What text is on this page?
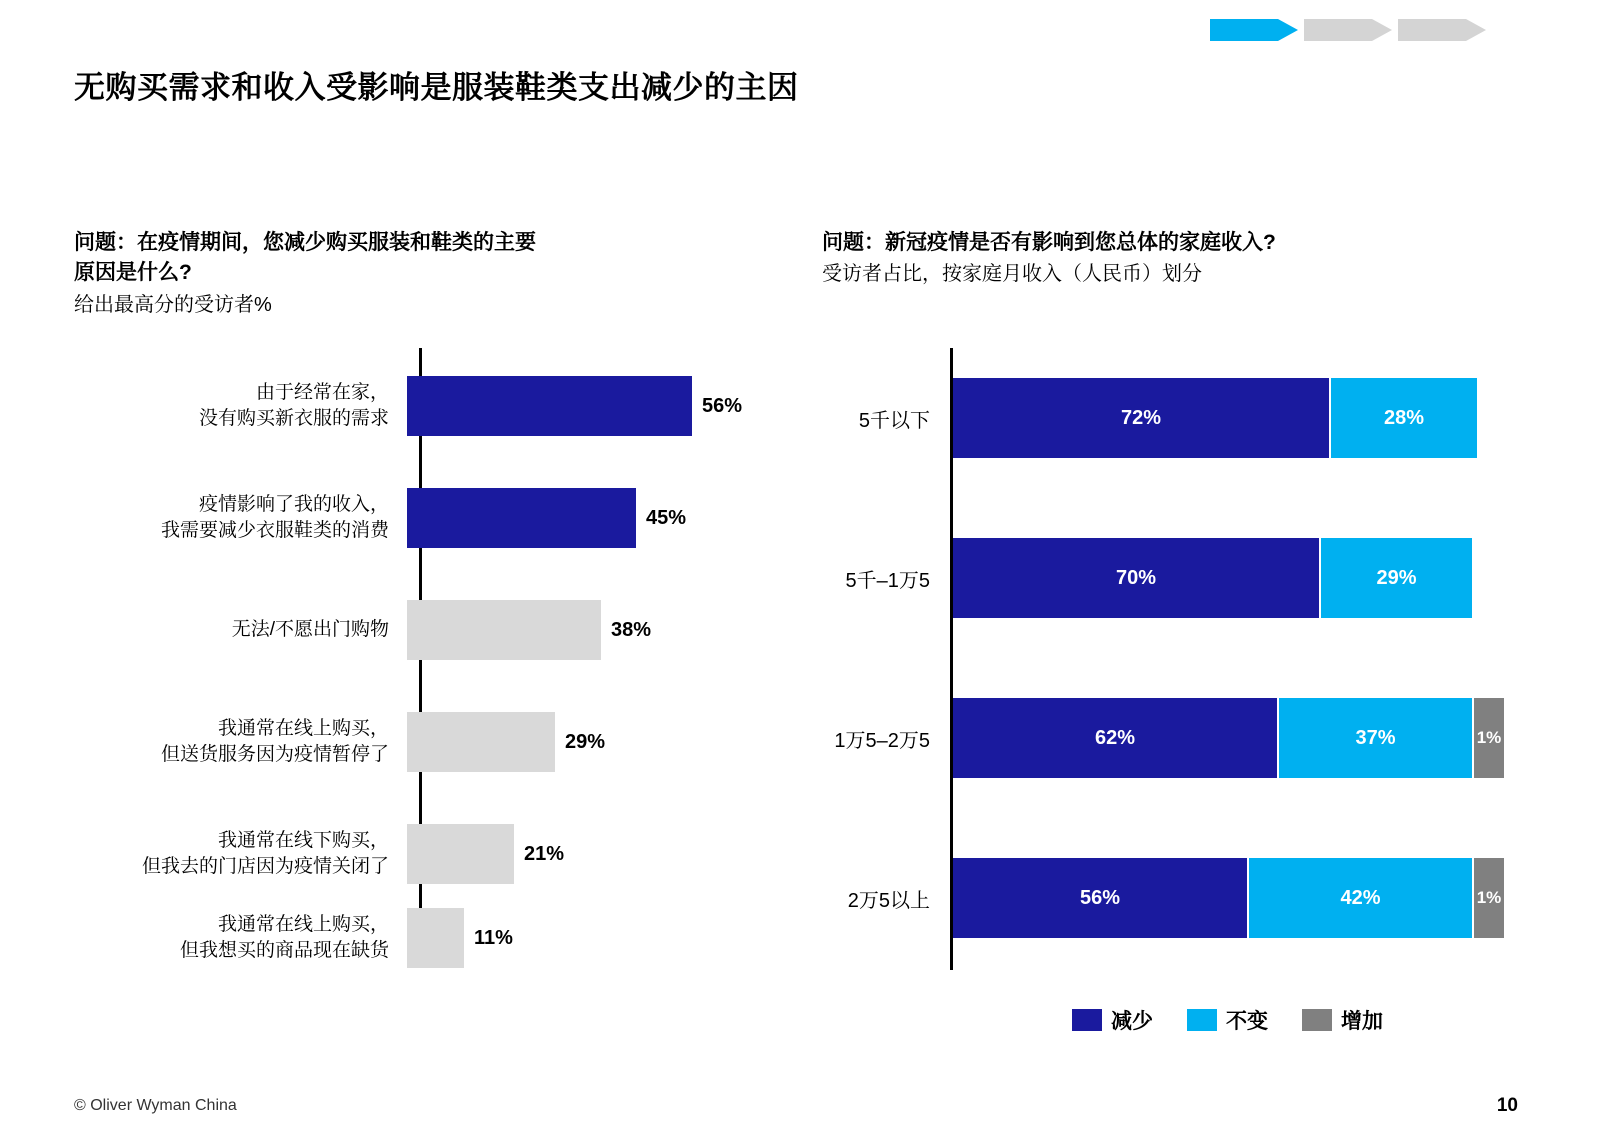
无购买需求和收入受影响是服装鞋类支出减少的主因
问题：在疫情期间，您减少购买服装和鞋类的主要
原因是什么?
给出最高分的受访者%
问题：新冠疫情是否有影响到您总体的家庭收入?
受访者占比，按家庭月收入（人民币）划分
由于经常在家，
没有购买新衣服的需求
56%
疫情影响了我的收入，
我需要减少衣服鞋类的消费
45%
无法/不愿出门购物	38%
我通常在线上购买，
但送货服务因为疫情暂停了
29%
我通常在线下购买，
但我去的门店因为疫情关闭了
21%
我通常在线上购买，
但我想买的商品现在缺货
11%
5千以下	72%	28%
5千–1万5	70%	29%
1万5–2万5	62%	37%	1%
2万5以上	56%	42%	1%
减少	不变	增加
© Oliver Wyman China	10
